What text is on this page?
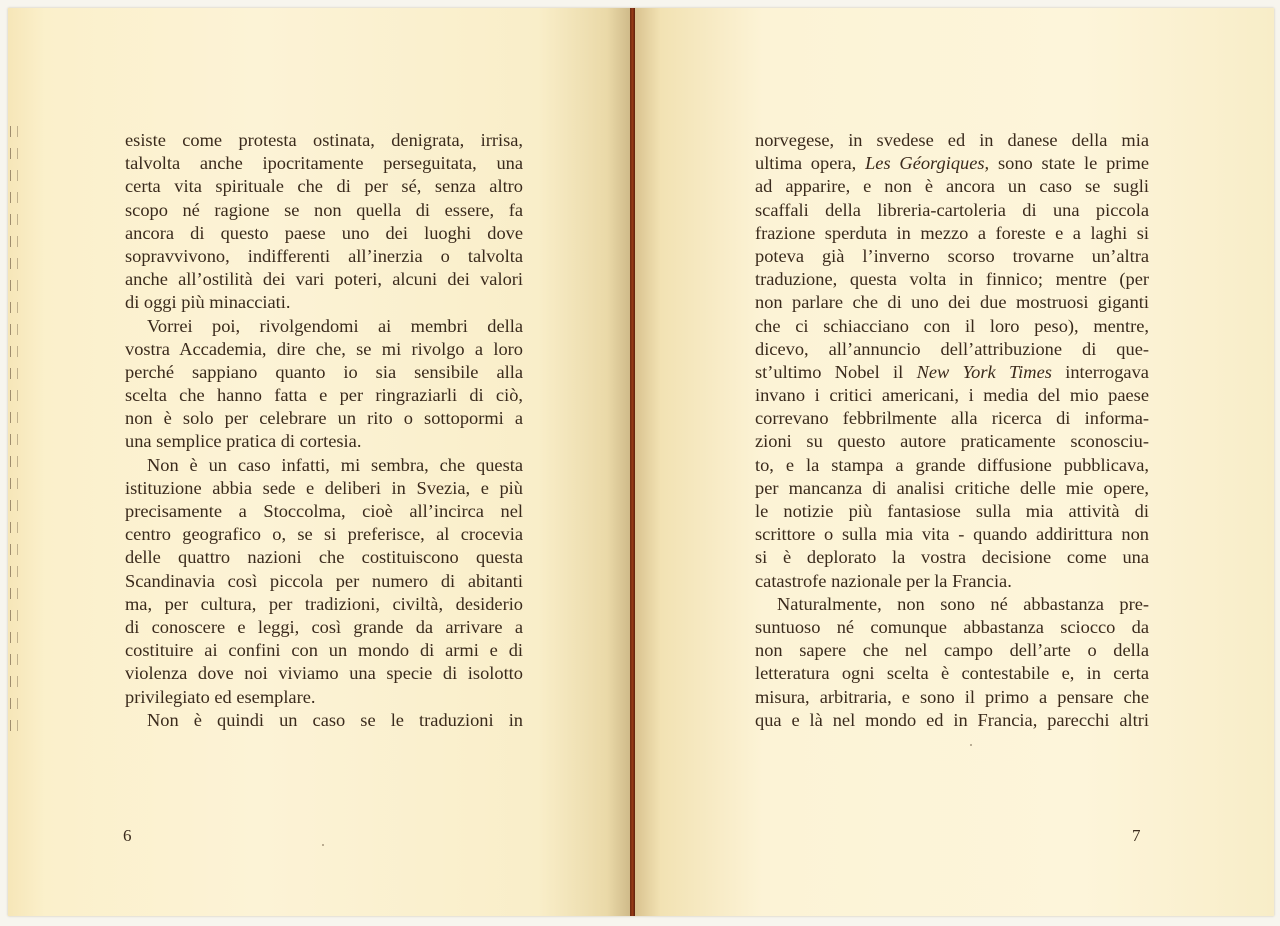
esiste come protesta ostinata, denigrata, irrisa,
talvolta anche ipocritamente perseguitata, una
certa vita spirituale che di per sé, senza altro
scopo né ragione se non quella di essere, fa
ancora di questo paese uno dei luoghi dove
sopravvivono, indifferenti all’inerzia o talvolta
anche all’ostilità dei vari poteri, alcuni dei valori
di oggi più minacciati.
Vorrei poi, rivolgendomi ai membri della
vostra Accademia, dire che, se mi rivolgo a loro
perché sappiano quanto io sia sensibile alla
scelta che hanno fatta e per ringraziarli di ciò,
non è solo per celebrare un rito o sottopormi a
una semplice pratica di cortesia.
Non è un caso infatti, mi sembra, che questa
istituzione abbia sede e deliberi in Svezia, e più
precisamente a Stoccolma, cioè all’incirca nel
centro geografico o, se si preferisce, al crocevia
delle quattro nazioni che costituiscono questa
Scandinavia così piccola per numero di abitanti
ma, per cultura, per tradizioni, civiltà, desiderio
di conoscere e leggi, così grande da arrivare a
costituire ai confini con un mondo di armi e di
violenza dove noi viviamo una specie di isolotto
privilegiato ed esemplare.
Non è quindi un caso se le traduzioni in
6
norvegese, in svedese ed in danese della mia
ultima opera, Les Géorgiques, sono state le prime
ad apparire, e non è ancora un caso se sugli
scaffali della libreria-cartoleria di una piccola
frazione sperduta in mezzo a foreste e a laghi si
poteva già l’inverno scorso trovarne un’altra
traduzione, questa volta in finnico; mentre (per
non parlare che di uno dei due mostruosi giganti
che ci schiacciano con il loro peso), mentre,
dicevo, all’annuncio dell’attribuzione di que-
st’ultimo Nobel il New York Times interrogava
invano i critici americani, i media del mio paese
correvano febbrilmente alla ricerca di informa-
zioni su questo autore praticamente sconosciu-
to, e la stampa a grande diffusione pubblicava,
per mancanza di analisi critiche delle mie opere,
le notizie più fantasiose sulla mia attività di
scrittore o sulla mia vita - quando addirittura non
si è deplorato la vostra decisione come una
catastrofe nazionale per la Francia.
Naturalmente, non sono né abbastanza pre-
suntuoso né comunque abbastanza sciocco da
non sapere che nel campo dell’arte o della
letteratura ogni scelta è contestabile e, in certa
misura, arbitraria, e sono il primo a pensare che
qua e là nel mondo ed in Francia, parecchi altri
7
